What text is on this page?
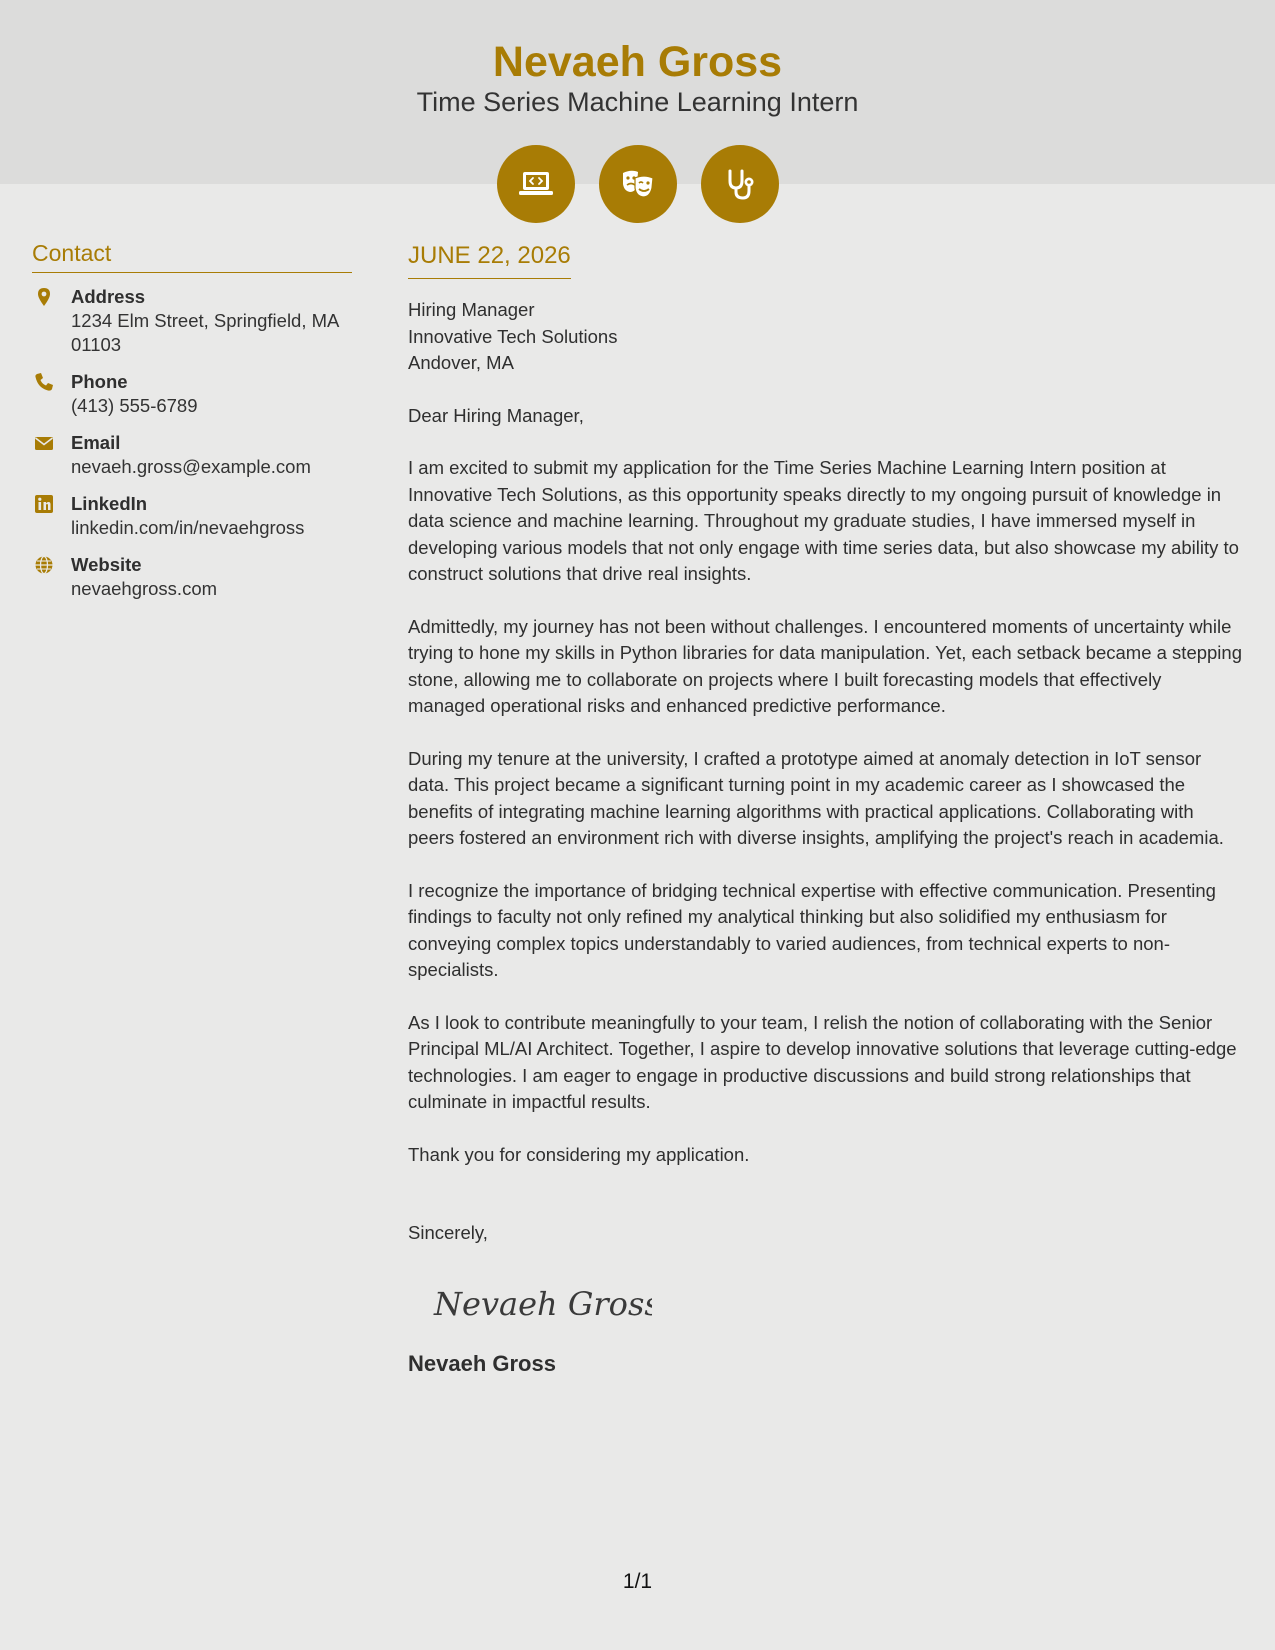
Nevaeh Gross
Time Series Machine Learning Intern
Contact
Address
1234 Elm Street, Springfield, MA 01103
Phone
(413) 555-6789
Email
nevaeh.gross@example.com
LinkedIn
linkedin.com/in/nevaehgross
Website
nevaehgross.com
JUNE 22, 2026
Hiring Manager
Innovative Tech Solutions
Andover, MA

Dear Hiring Manager,

I am excited to submit my application for the Time Series Machine Learning Intern position at Innovative Tech Solutions, as this opportunity speaks directly to my ongoing pursuit of knowledge in data science and machine learning. Throughout my graduate studies, I have immersed myself in developing various models that not only engage with time series data, but also showcase my ability to construct solutions that drive real insights.

Admittedly, my journey has not been without challenges. I encountered moments of uncertainty while trying to hone my skills in Python libraries for data manipulation. Yet, each setback became a stepping stone, allowing me to collaborate on projects where I built forecasting models that effectively managed operational risks and enhanced predictive performance.

During my tenure at the university, I crafted a prototype aimed at anomaly detection in IoT sensor data. This project became a significant turning point in my academic career as I showcased the benefits of integrating machine learning algorithms with practical applications. Collaborating with peers fostered an environment rich with diverse insights, amplifying the project's reach in academia.

I recognize the importance of bridging technical expertise with effective communication. Presenting findings to faculty not only refined my analytical thinking but also solidified my enthusiasm for conveying complex topics understandably to varied audiences, from technical experts to non-specialists.

As I look to contribute meaningfully to your team, I relish the notion of collaborating with the Senior Principal ML/AI Architect. Together, I aspire to develop innovative solutions that leverage cutting-edge technologies. I am eager to engage in productive discussions and build strong relationships that culminate in impactful results.

Thank you for considering my application.

Sincerely,

Nevaeh Gross
Nevaeh Gross
1/1
